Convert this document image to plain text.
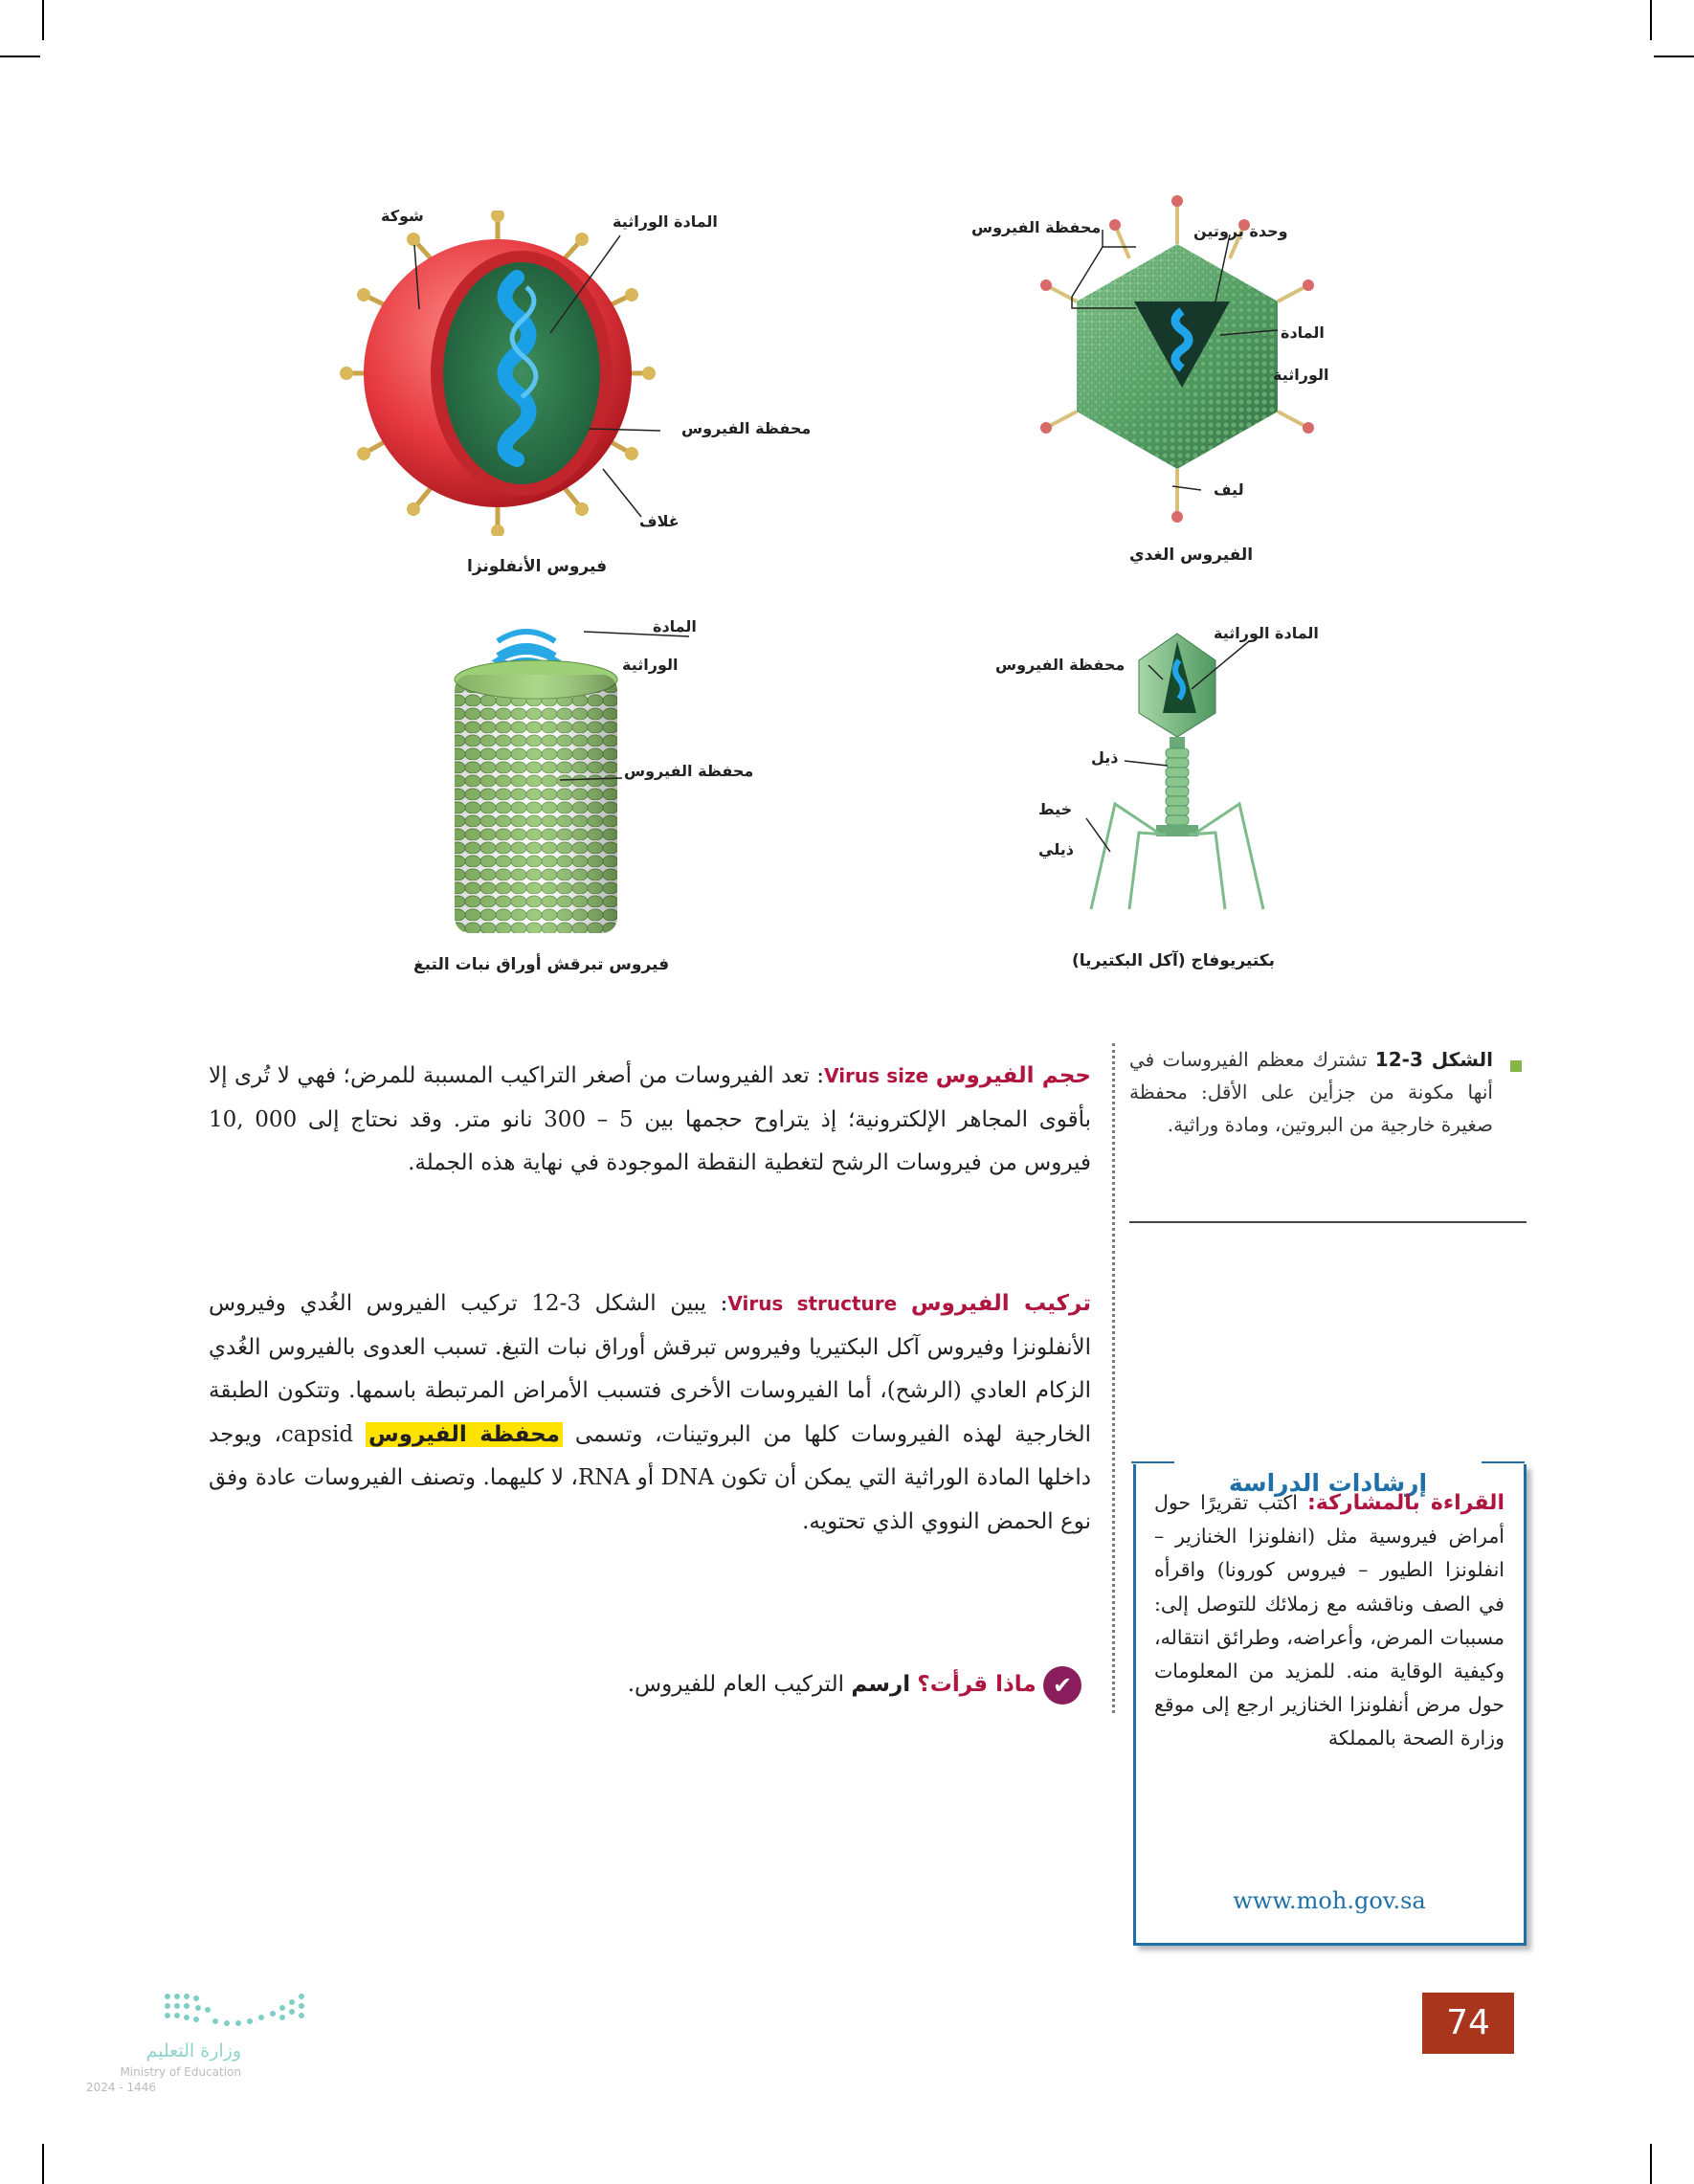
شوكة	المادة الوراثية
محفظة الفيروس
غلاف
فيروس الأنفلونزا
محفظة الفيروس	وحدة بروتين
المادة
الوراثية
ليف
الفيروس الغدي
المادة
الوراثية
محفظة الفيروس
فيروس تبرقش أوراق نبات التبغ
المادة الوراثية
محفظة الفيروس
ذيل
خيط
ذيلي
بكتيريوفاج (آكل البكتيريا)
الشكل 3-12 تشترك معظم الفيروسات في أنها مكونة من جزأين على الأقل: محفظة صغيرة خارجية من البروتين، ومادة وراثية.
حجم الفيروس Virus size: تعد الفيروسات من أصغر التراكيب المسببة للمرض؛ فهي لا تُرى إلا بأقوى المجاهر الإلكترونية؛ إذ يتراوح حجمها بين 5 – 300 نانو متر. وقد نحتاج إلى 000 ,10 فيروس من فيروسات الرشح لتغطية النقطة الموجودة في نهاية هذه الجملة.
تركيب الفيروس Virus structure: يبين الشكل 3-12 تركيب الفيروس الغُدي وفيروس الأنفلونزا وفيروس آكل البكتيريا وفيروس تبرقش أوراق نبات التبغ. تسبب العدوى بالفيروس الغُدي الزكام العادي (الرشح)، أما الفيروسات الأخرى فتسبب الأمراض المرتبطة باسمها. وتتكون الطبقة الخارجية لهذه الفيروسات كلها من البروتينات، وتسمى محفظة الفيروس capsid، ويوجد داخلها المادة الوراثية التي يمكن أن تكون DNA أو RNA، لا كليهما. وتصنف الفيروسات عادة وفق نوع الحمض النووي الذي تحتويه.
✔ ماذا قرأت؟ ارسم التركيب العام للفيروس.
إرشادات الدراسة
القراءة بالمشاركة: اكتب تقريرًا حول أمراض فيروسية مثل (انفلونزا الخنازير – انفلونزا الطيور – فيروس كورونا) واقرأه في الصف وناقشه مع زملائك للتوصل إلى: مسببات المرض، وأعراضه، وطرائق انتقاله، وكيفية الوقاية منه. للمزيد من المعلومات حول مرض أنفلونزا الخنازير ارجع إلى موقع وزارة الصحة بالمملكة
www.moh.gov.sa
74
وزارة التعليم
Ministry of Education
2024 - 1446
